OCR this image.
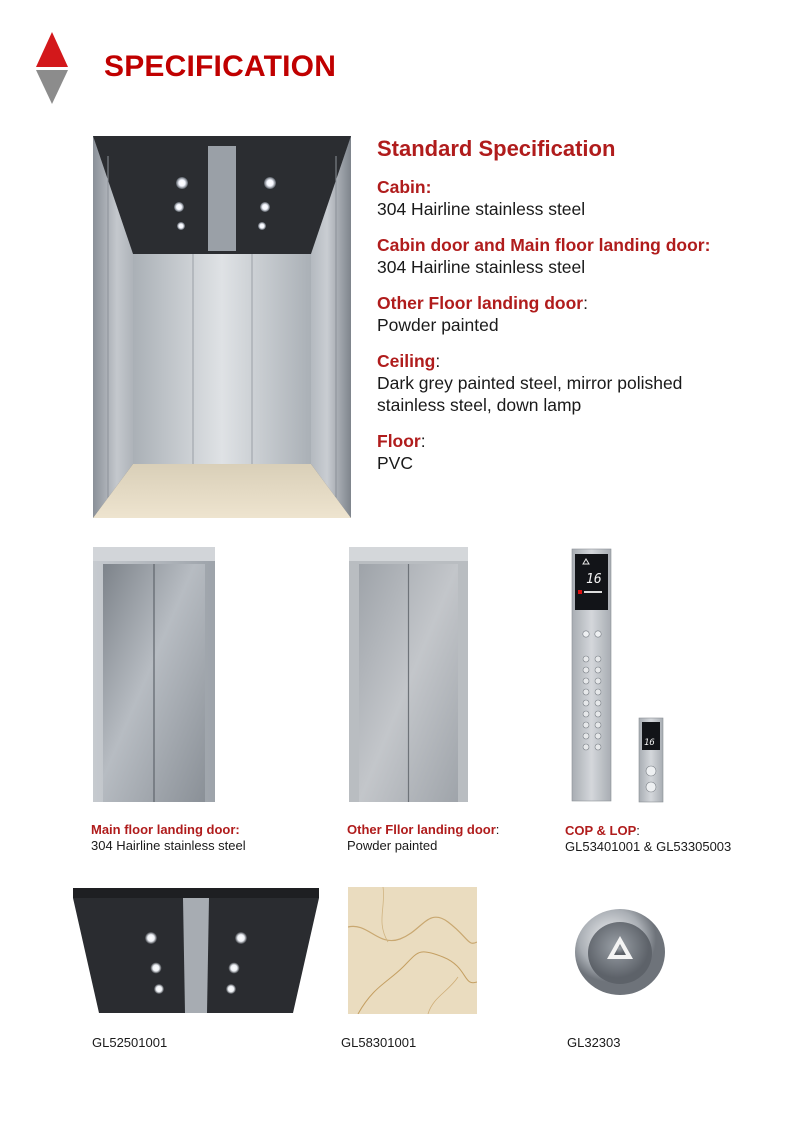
SPECIFICATION
Standard Specification
Cabin:
304 Hairline stainless steel
Cabin door and Main floor landing door:
304 Hairline stainless steel
Other Floor landing door:
Powder painted
Ceiling:
Dark grey painted steel, mirror polished stainless steel, down lamp
Floor:
PVC
16
16
Main floor landing door:
304 Hairline stainless steel
Other Fllor landing door:
Powder painted
COP & LOP:
GL53401001 & GL53305003
GL52501001	GL58301001	GL32303
